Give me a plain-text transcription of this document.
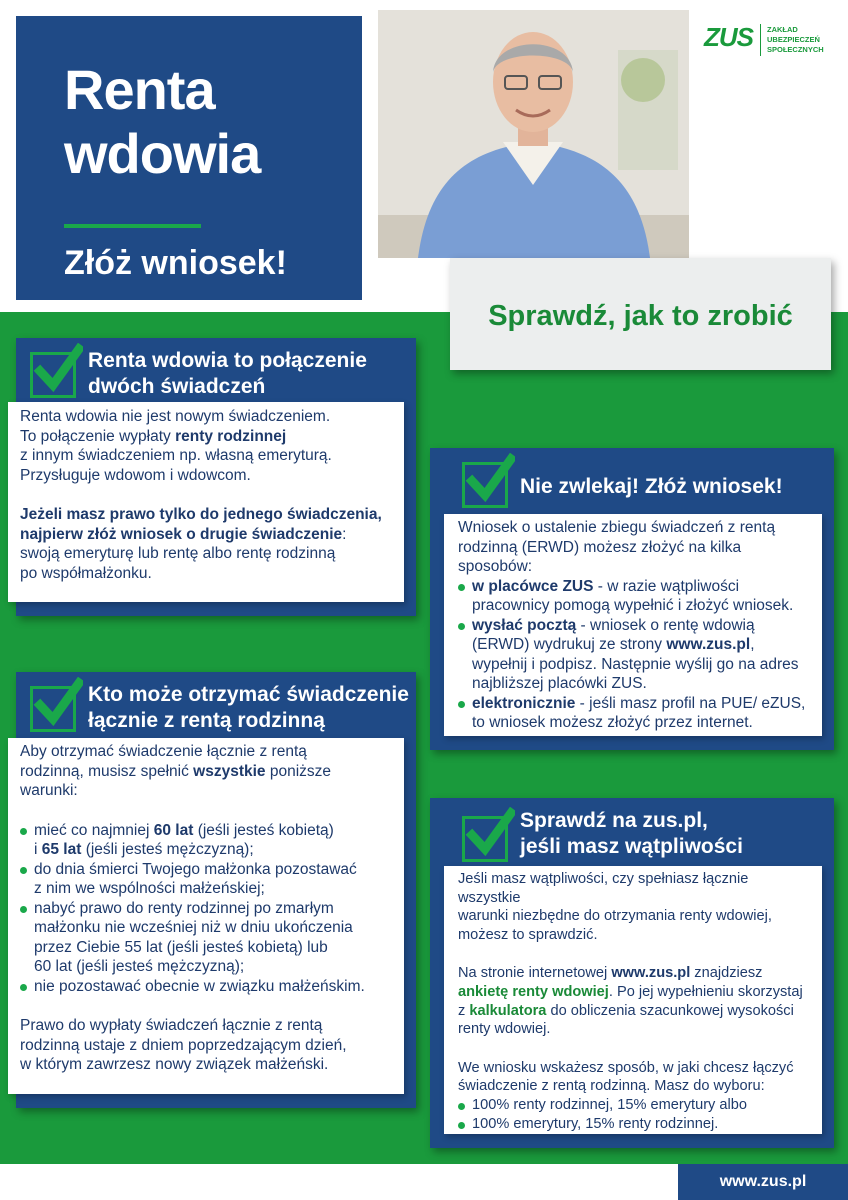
Renta
wdowia
Złóż wniosek!
ZUS ZAKŁAD
UBEZPIECZEŃ
SPOŁECZNYCH
Sprawdź, jak to zrobić
Renta wdowia to połączenie
dwóch świadczeń

Renta wdowia nie jest nowym świadczeniem.

To połączenie wypłaty renty rodzinnej

z innym świadczeniem np. własną emeryturą.

Przysługuje wdowom i wdowcom.

Jeżeli masz prawo tylko do jednego świadczenia,

najpierw złóż wniosek o drugie świadczenie:

swoją emeryturę lub rentę albo rentę rodzinną

po współmałżonku.

Kto może otrzymać świadczenie
łącznie z rentą rodzinną

Aby otrzymać świadczenie łącznie z rentą

rodzinną, musisz spełnić wszystkie poniższe

warunki:

mieć co najmniej 60 lat (jeśli jesteś kobietą)
i 65 lat (jeśli jesteś mężczyzną);
do dnia śmierci Twojego małżonka pozostawać
z nim we wspólności małżeńskiej;
nabyć prawo do renty rodzinnej po zmarłym
małżonku nie wcześniej niż w dniu ukończenia
przez Ciebie 55 lat (jeśli jesteś kobietą) lub
60 lat (jeśli jesteś mężczyzną);
nie pozostawać obecnie w związku małżeńskim.

Prawo do wypłaty świadczeń łącznie z rentą

rodzinną ustaje z dniem poprzedzającym dzień,

w którym zawrzesz nowy związek małżeński.

Nie zwlekaj! Złóż wniosek!

Wniosek o ustalenie zbiegu świadczeń z rentą

rodzinną (ERWD) możesz złożyć na kilka sposobów:

w placówce ZUS - w razie wątpliwości
pracownicy pomogą wypełnić i złożyć wniosek.
wysłać pocztą - wniosek o rentę wdowią
(ERWD) wydrukuj ze strony www.zus.pl,
wypełnij i podpisz. Następnie wyślij go na adres
najbliższej placówki ZUS.
elektronicznie - jeśli masz profil na PUE/ eZUS,
to wniosek możesz złożyć przez internet.
Sprawdź na zus.pl,
jeśli masz wątpliwości

Jeśli masz wątpliwości, czy spełniasz łącznie wszystkie

warunki niezbędne do otrzymania renty wdowiej,

możesz to sprawdzić.

Na stronie internetowej www.zus.pl znajdziesz

ankietę renty wdowiej. Po jej wypełnieniu skorzystaj

z kalkulatora do obliczenia szacunkowej wysokości

renty wdowiej.

We wniosku wskażesz sposób, w jaki chcesz łączyć

świadczenie z rentą rodzinną. Masz do wyboru:

100% renty rodzinnej, 15% emerytury albo
100% emerytury, 15% renty rodzinnej.
www.zus.pl
